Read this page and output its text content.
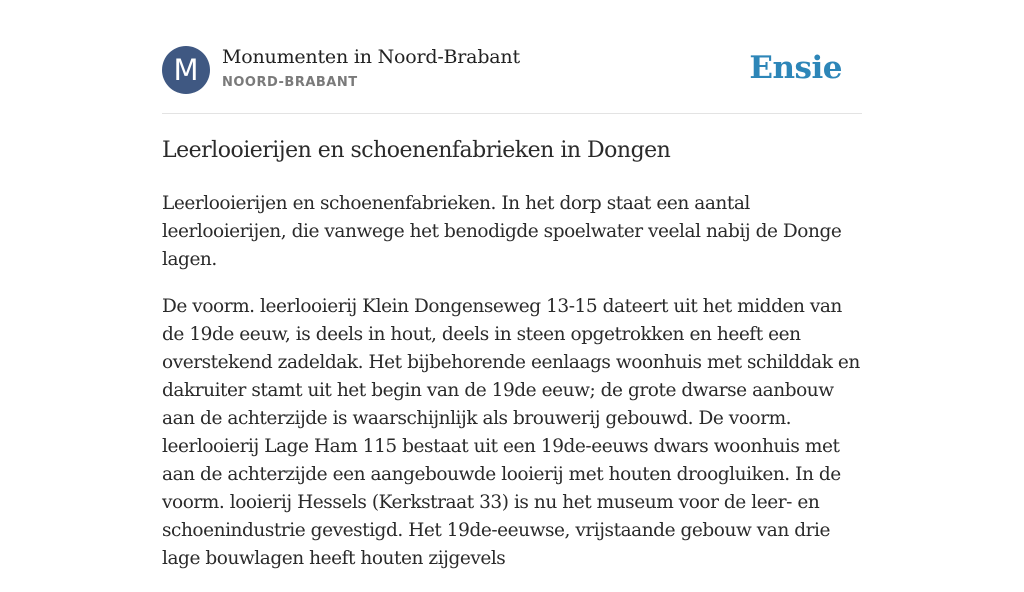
M	Monumenten in Noord-Brabant
NOORD-BRABANT	Ensie
Leerlooierijen en schoenenfabrieken in Dongen

Leerlooierijen en schoenenfabrieken. In het dorp staat een aantal leerlooierijen, die vanwege het benodigde spoelwater veelal nabij de Donge lagen.

De voorm. leerlooierij Klein Dongenseweg 13-15 dateert uit het midden van de 19de eeuw, is deels in hout, deels in steen opgetrokken en heeft een overstekend zadeldak. Het bijbehorende eenlaags woonhuis met schilddak en dakruiter stamt uit het begin van de 19de eeuw; de grote dwarse aanbouw aan de achterzijde is waarschijnlijk als brouwerij gebouwd. De voorm. leerlooierij Lage Ham 115 bestaat uit een 19de-eeuws dwars woonhuis met aan de achterzijde een aangebouwde looierij met houten droogluiken. In de voorm. looierij Hessels (Kerkstraat 33) is nu het museum voor de leer- en schoenindustrie gevestigd. Het 19de-eeuwse, vrijstaande gebouw van drie lage bouwlagen heeft houten zijgevels
